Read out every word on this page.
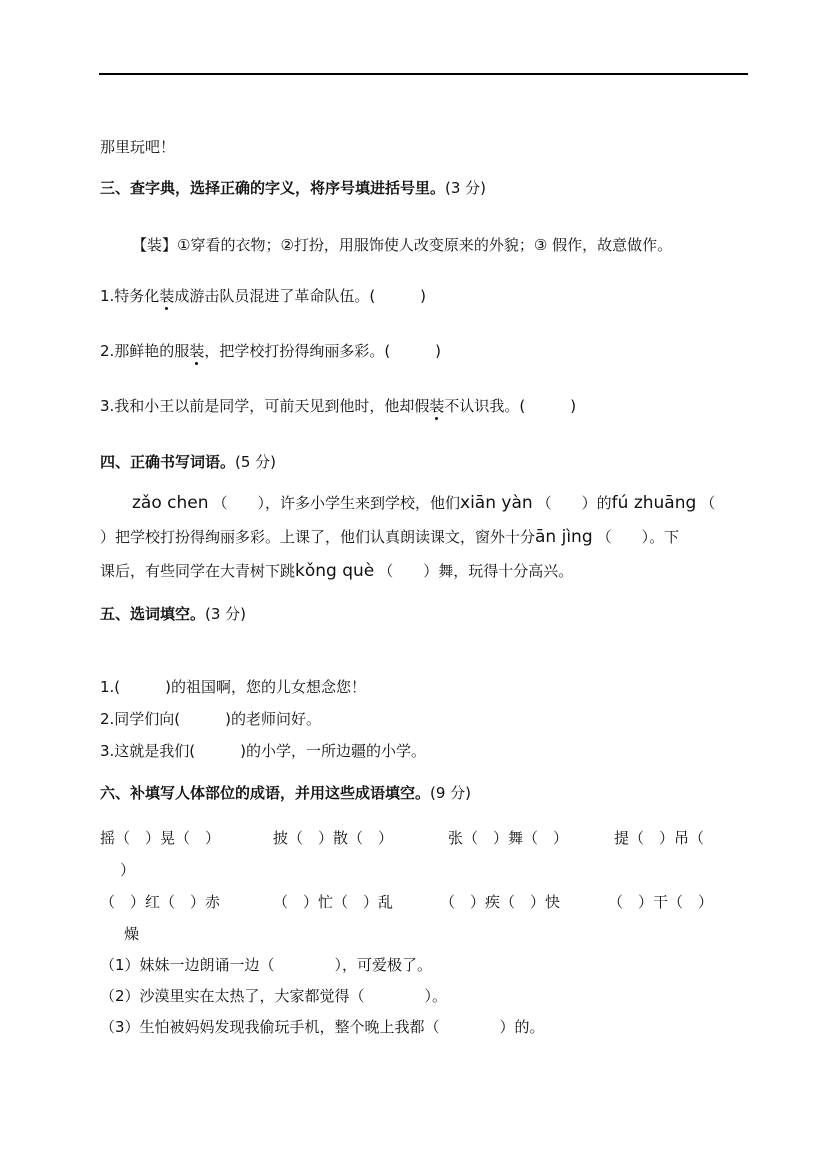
那里玩吧！
三、查字典，选择正确的字义，将序号填进括号里。(3 分)
【装】①穿看的衣物；②打扮，用服饰使人改变原来的外貌；③ 假作，故意做作。
1.特务化装成游击队员混进了革命队伍。(　　　)
2.那鲜艳的服装，把学校打扮得绚丽多彩。(　　　)
3.我和小王以前是同学，可前天见到他时，他却假装不认识我。(　　　)
四、正确书写词语。(5 分)
zǎo chen （　　），许多小学生来到学校，他们xiān yàn （　　）的fú zhuāng （
）把学校打扮得绚丽多彩。上课了，他们认真朗读课文，窗外十分ān jìng （　　）。下
课后，有些同学在大青树下跳kǒng què （　　）舞，玩得十分高兴。
五、选词填空。(3 分)
1.(　　　)的祖国啊，您的儿女想念您！
2.同学们向(　　　)的老师问好。
3.这就是我们(　　　)的小学，一所边疆的小学。
六、补填写人体部位的成语，并用这些成语填空。(9 分)
摇（　）晃（　）	披（　）散（　）	张（　）舞（　）	提（　）吊（
）
（　）红（　）赤	（　）忙（　）乱	（　）疾（　）快	（　）干（　）
燥
（1）妹妹一边朗诵一边（　　　　），可爱极了。
（2）沙漠里实在太热了，大家都觉得（　　　　）。
（3）生怕被妈妈发现我偷玩手机，整个晚上我都（　　　　）的。
